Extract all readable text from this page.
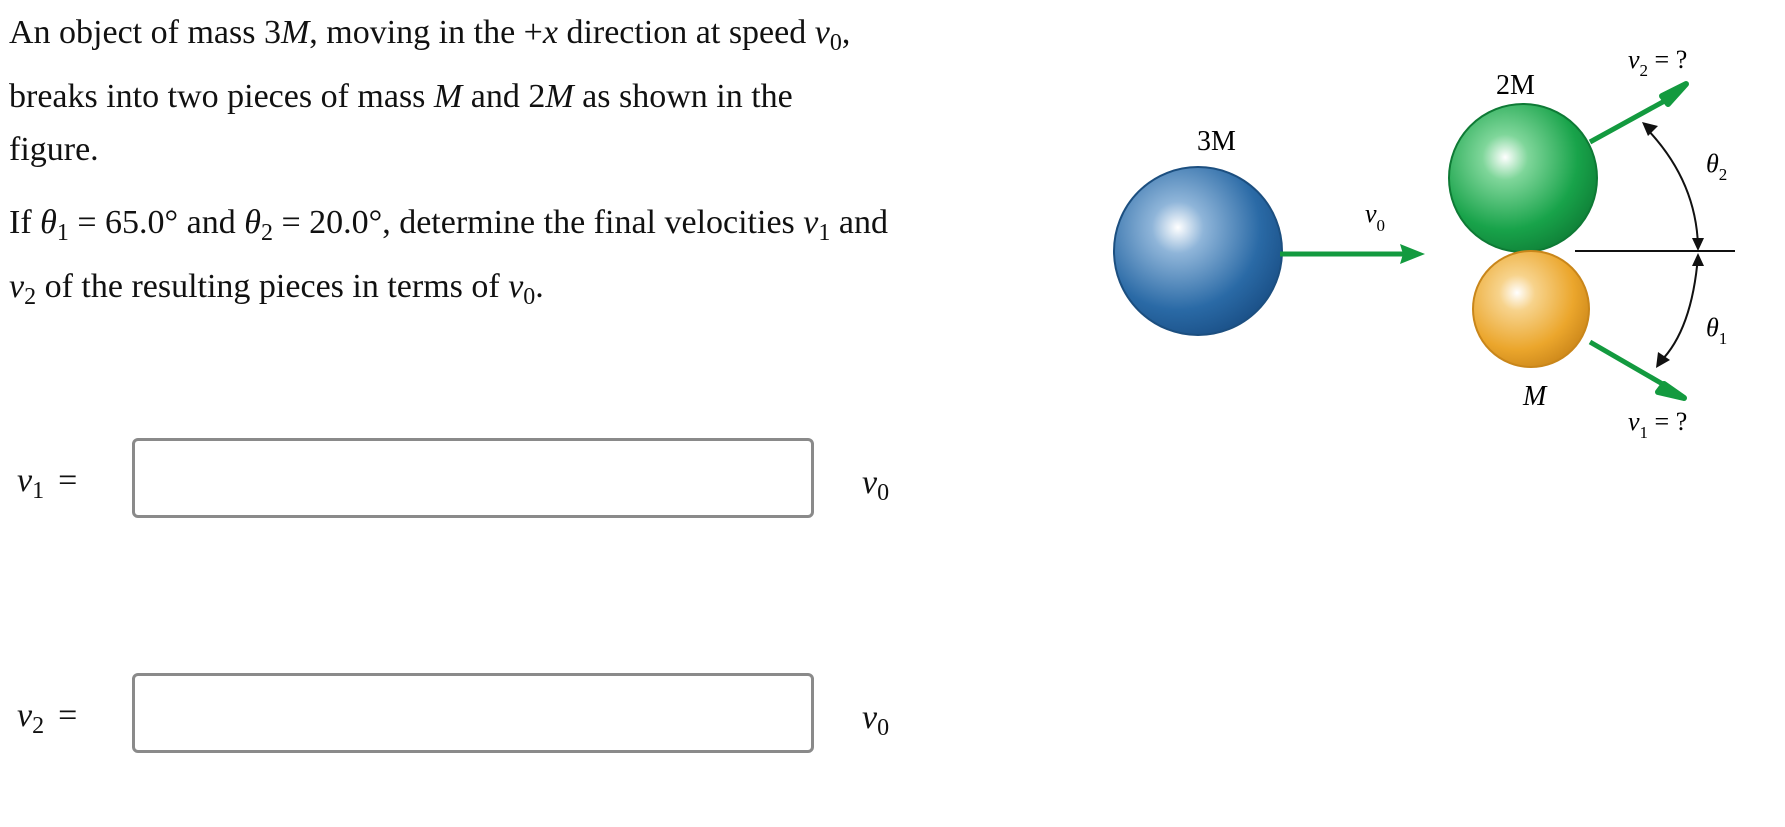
An object of mass 3M, moving in the +x direction at speed $v_0$, breaks into two pieces of mass M and 2M as shown in the figure.

If $\theta_1 = 65.0^\circ$ and $\theta_2 = 20.0^\circ$, determine the final velocities $v_1$ and $v_2$ of the resulting pieces in terms of $v_0$.

$v_1$ =	$v_0$
$v_2$ =	$v_0$
3M
$v_0$
2M
M
$v_2$ = ?
$v_1$ = ?
$\theta_2$
$\theta_1$
